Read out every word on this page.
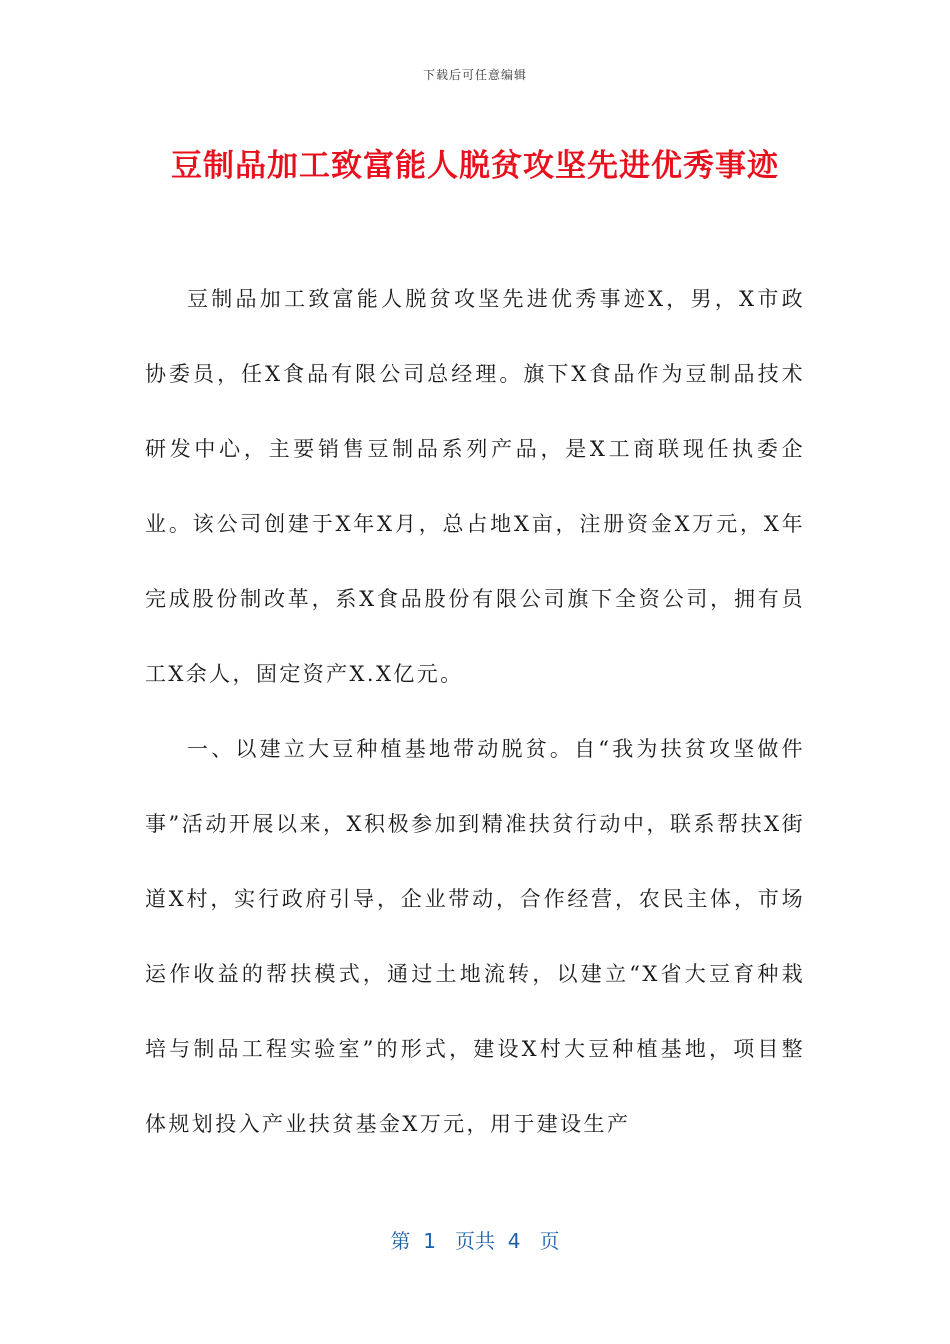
下载后可任意编辑
豆制品加工致富能人脱贫攻坚先进优秀事迹

豆制品加工致富能人脱贫攻坚先进优秀事迹X，男，X市政协委员，任X食品有限公司总经理。旗下X食品作为豆制品技术研发中心，主要销售豆制品系列产品，是X工商联现任执委企业。该公司创建于X年X月，总占地X亩，注册资金X万元，X年完成股份制改革，系X食品股份有限公司旗下全资公司，拥有员工X余人，固定资产X.X亿元。

一、以建立大豆种植基地带动脱贫。自“我为扶贫攻坚做件事”活动开展以来，X积极参加到精准扶贫行动中，联系帮扶X街道X村，实行政府引导，企业带动，合作经营，农民主体，市场运作收益的帮扶模式，通过土地流转，以建立“X省大豆育种栽培与制品工程实验室”的形式，建设X村大豆种植基地，项目整体规划投入产业扶贫基金X万元，用于建设生产

第  1   页共  4   页
